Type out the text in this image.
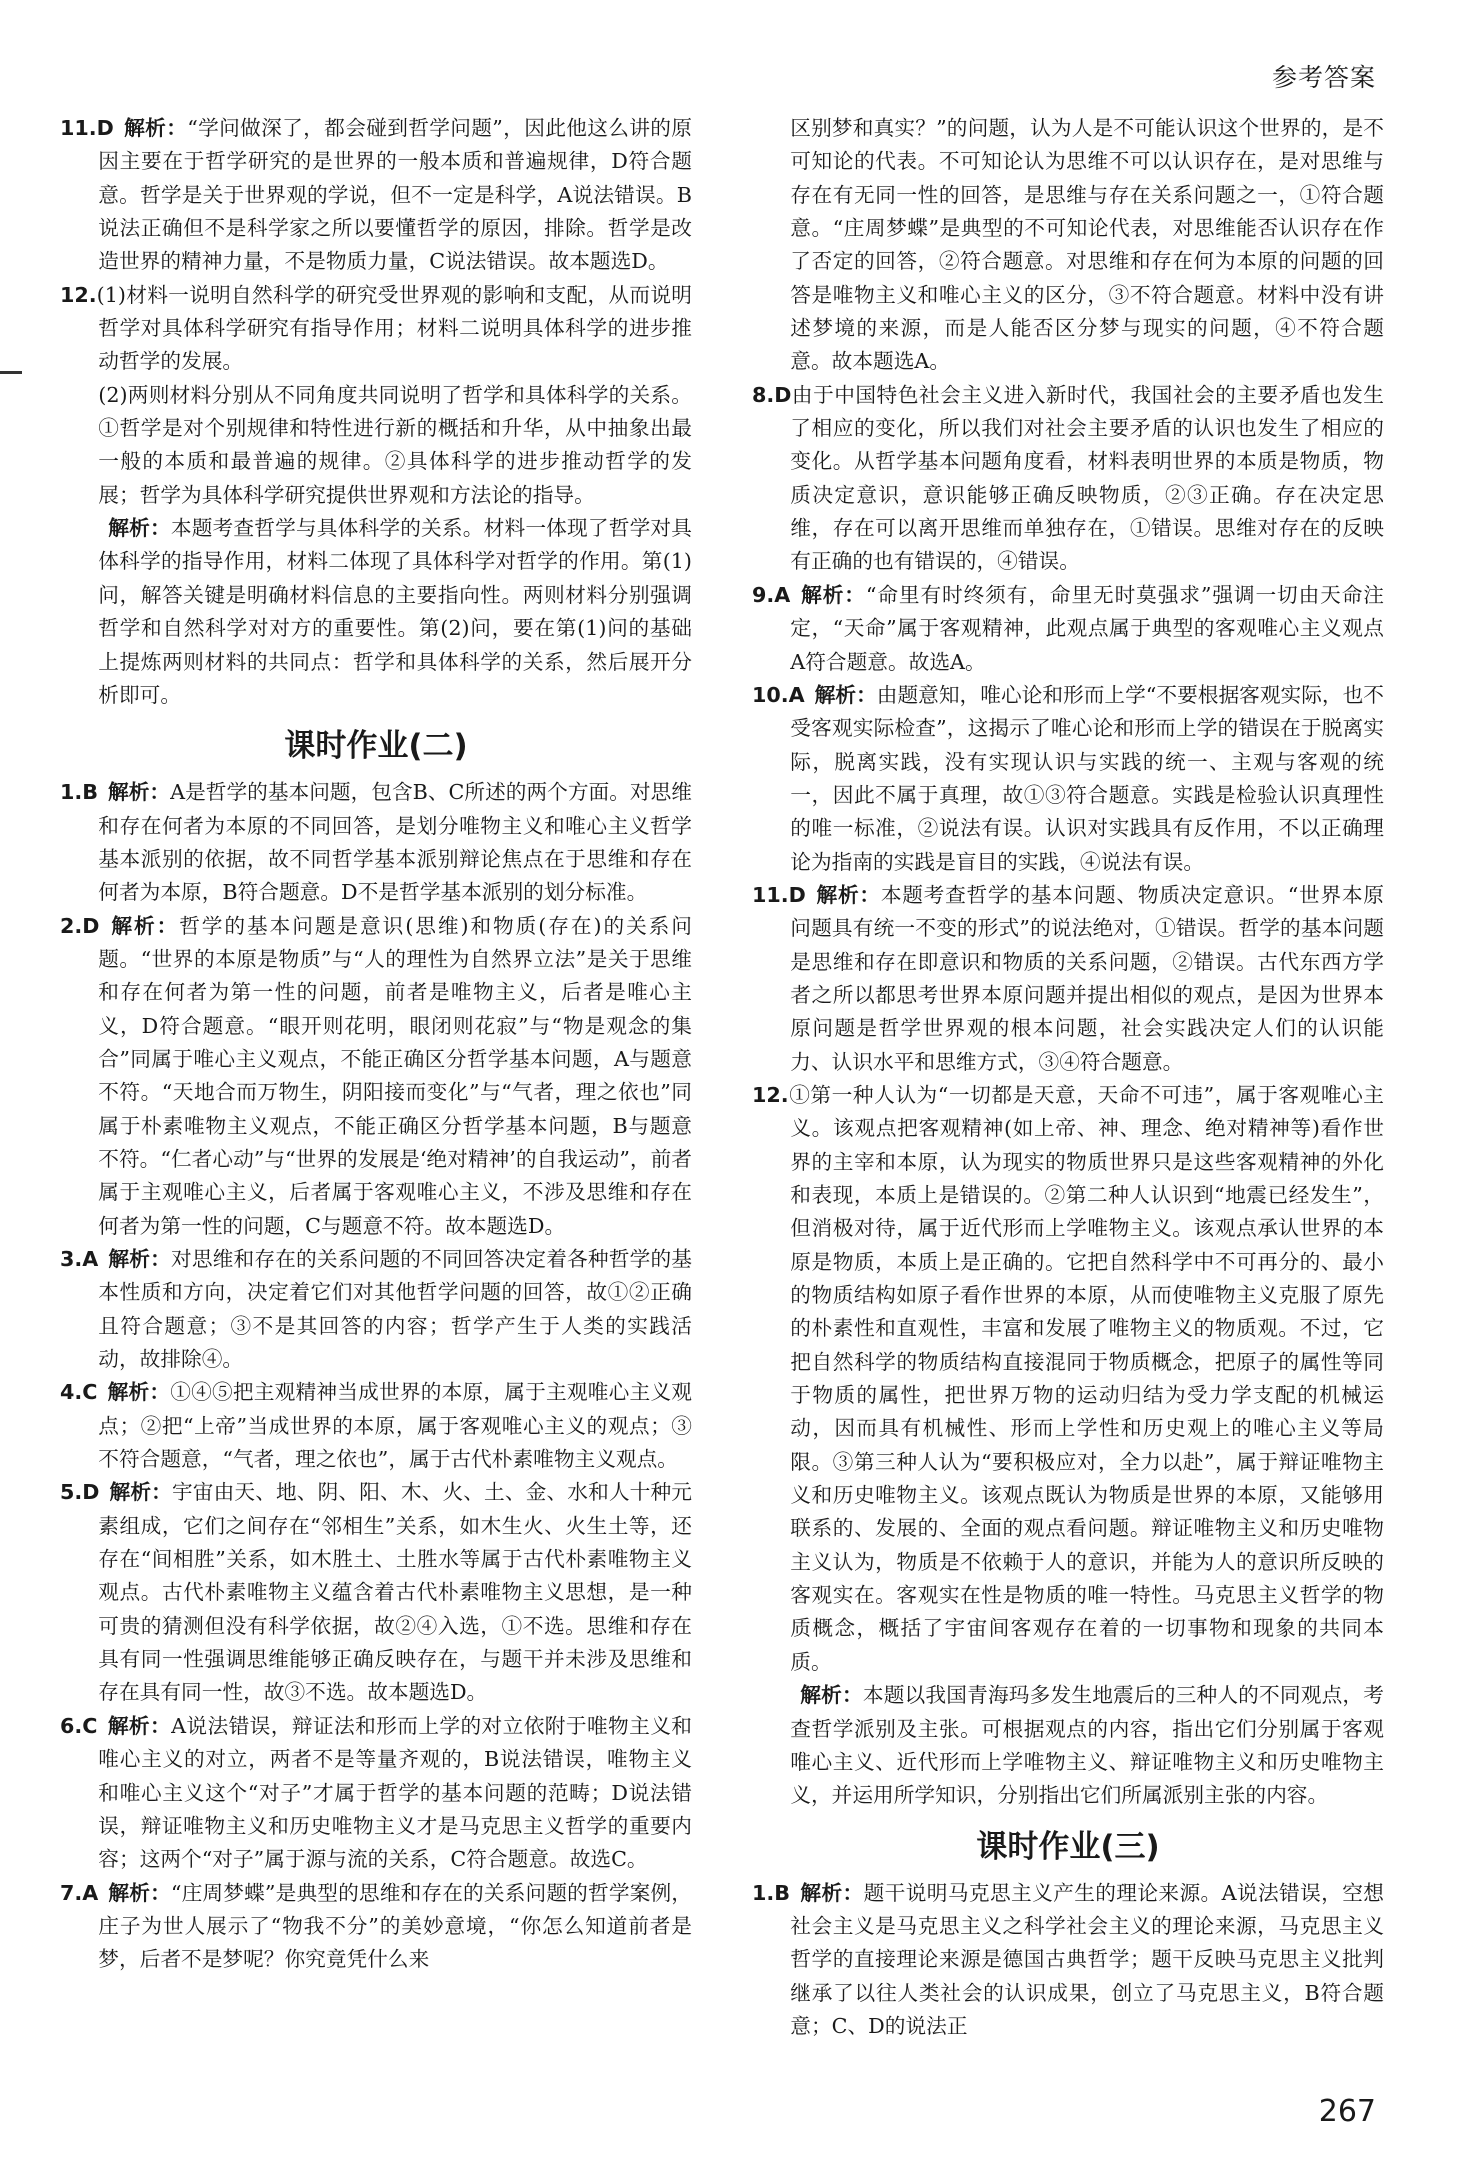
参考答案

11.D 解析：“学问做深了，都会碰到哲学问题”，因此他这么讲的原因主要在于哲学研究的是世界的一般本质和普遍规律，D符合题意。哲学是关于世界观的学说，但不一定是科学，A说法错误。B说法正确但不是科学家之所以要懂哲学的原因，排除。哲学是改造世界的精神力量，不是物质力量，C说法错误。故本题选D。

12.(1)材料一说明自然科学的研究受世界观的影响和支配，从而说明哲学对具体科学研究有指导作用；材料二说明具体科学的进步推动哲学的发展。

(2)两则材料分别从不同角度共同说明了哲学和具体科学的关系。①哲学是对个别规律和特性进行新的概括和升华，从中抽象出最一般的本质和最普遍的规律。②具体科学的进步推动哲学的发展；哲学为具体科学研究提供世界观和方法论的指导。

解析：本题考查哲学与具体科学的关系。材料一体现了哲学对具体科学的指导作用，材料二体现了具体科学对哲学的作用。第(1)问，解答关键是明确材料信息的主要指向性。两则材料分别强调哲学和自然科学对对方的重要性。第(2)问，要在第(1)问的基础上提炼两则材料的共同点：哲学和具体科学的关系，然后展开分析即可。

课时作业(二)

1.B 解析：A是哲学的基本问题，包含B、C所述的两个方面。对思维和存在何者为本原的不同回答，是划分唯物主义和唯心主义哲学基本派别的依据，故不同哲学基本派别辩论焦点在于思维和存在何者为本原，B符合题意。D不是哲学基本派别的划分标准。

2.D 解析：哲学的基本问题是意识(思维)和物质(存在)的关系问题。“世界的本原是物质”与“人的理性为自然界立法”是关于思维和存在何者为第一性的问题，前者是唯物主义，后者是唯心主义，D符合题意。“眼开则花明，眼闭则花寂”与“物是观念的集合”同属于唯心主义观点，不能正确区分哲学基本问题，A与题意不符。“天地合而万物生，阴阳接而变化”与“气者，理之依也”同属于朴素唯物主义观点，不能正确区分哲学基本问题，B与题意不符。“仁者心动”与“世界的发展是‘绝对精神’的自我运动”，前者属于主观唯心主义，后者属于客观唯心主义，不涉及思维和存在何者为第一性的问题，C与题意不符。故本题选D。

3.A 解析：对思维和存在的关系问题的不同回答决定着各种哲学的基本性质和方向，决定着它们对其他哲学问题的回答，故①②正确且符合题意；③不是其回答的内容；哲学产生于人类的实践活动，故排除④。

4.C 解析：①④⑤把主观精神当成世界的本原，属于主观唯心主义观点；②把“上帝”当成世界的本原，属于客观唯心主义的观点；③不符合题意，“气者，理之依也”，属于古代朴素唯物主义观点。

5.D 解析：宇宙由天、地、阴、阳、木、火、土、金、水和人十种元素组成，它们之间存在“邻相生”关系，如木生火、火生土等，还存在“间相胜”关系，如木胜土、土胜水等属于古代朴素唯物主义观点。古代朴素唯物主义蕴含着古代朴素唯物主义思想，是一种可贵的猜测但没有科学依据，故②④入选，①不选。思维和存在具有同一性强调思维能够正确反映存在，与题干并未涉及思维和存在具有同一性，故③不选。故本题选D。

6.C 解析：A说法错误，辩证法和形而上学的对立依附于唯物主义和唯心主义的对立，两者不是等量齐观的，B说法错误，唯物主义和唯心主义这个“对子”才属于哲学的基本问题的范畴；D说法错误，辩证唯物主义和历史唯物主义才是马克思主义哲学的重要内容；这两个“对子”属于源与流的关系，C符合题意。故选C。

7.A 解析：“庄周梦蝶”是典型的思维和存在的关系问题的哲学案例，庄子为世人展示了“物我不分”的美妙意境，“你怎么知道前者是梦，后者不是梦呢？你究竟凭什么来

区别梦和真实？”的问题，认为人是不可能认识这个世界的，是不可知论的代表。不可知论认为思维不可以认识存在，是对思维与存在有无同一性的回答，是思维与存在关系问题之一，①符合题意。“庄周梦蝶”是典型的不可知论代表，对思维能否认识存在作了否定的回答，②符合题意。对思维和存在何为本原的问题的回答是唯物主义和唯心主义的区分，③不符合题意。材料中没有讲述梦境的来源，而是人能否区分梦与现实的问题，④不符合题意。故本题选A。

8.D由于中国特色社会主义进入新时代，我国社会的主要矛盾也发生了相应的变化，所以我们对社会主要矛盾的认识也发生了相应的变化。从哲学基本问题角度看，材料表明世界的本质是物质，物质决定意识，意识能够正确反映物质，②③正确。存在决定思维，存在可以离开思维而单独存在，①错误。思维对存在的反映有正确的也有错误的，④错误。

9.A 解析：“命里有时终须有，命里无时莫强求”强调一切由天命注定，“天命”属于客观精神，此观点属于典型的客观唯心主义观点A符合题意。故选A。

10.A 解析：由题意知，唯心论和形而上学“不要根据客观实际，也不受客观实际检查”，这揭示了唯心论和形而上学的错误在于脱离实际，脱离实践，没有实现认识与实践的统一、主观与客观的统一，因此不属于真理，故①③符合题意。实践是检验认识真理性的唯一标准，②说法有误。认识对实践具有反作用，不以正确理论为指南的实践是盲目的实践，④说法有误。

11.D 解析：本题考查哲学的基本问题、物质决定意识。“世界本原问题具有统一不变的形式”的说法绝对，①错误。哲学的基本问题是思维和存在即意识和物质的关系问题，②错误。古代东西方学者之所以都思考世界本原问题并提出相似的观点，是因为世界本原问题是哲学世界观的根本问题，社会实践决定人们的认识能力、认识水平和思维方式，③④符合题意。

12.①第一种人认为“一切都是天意，天命不可违”，属于客观唯心主义。该观点把客观精神(如上帝、神、理念、绝对精神等)看作世界的主宰和本原，认为现实的物质世界只是这些客观精神的外化和表现，本质上是错误的。②第二种人认识到“地震已经发生”，但消极对待，属于近代形而上学唯物主义。该观点承认世界的本原是物质，本质上是正确的。它把自然科学中不可再分的、最小的物质结构如原子看作世界的本原，从而使唯物主义克服了原先的朴素性和直观性，丰富和发展了唯物主义的物质观。不过，它把自然科学的物质结构直接混同于物质概念，把原子的属性等同于物质的属性，把世界万物的运动归结为受力学支配的机械运动，因而具有机械性、形而上学性和历史观上的唯心主义等局限。③第三种人认为“要积极应对，全力以赴”，属于辩证唯物主义和历史唯物主义。该观点既认为物质是世界的本原，又能够用联系的、发展的、全面的观点看问题。辩证唯物主义和历史唯物主义认为，物质是不依赖于人的意识，并能为人的意识所反映的客观实在。客观实在性是物质的唯一特性。马克思主义哲学的物质概念，概括了宇宙间客观存在着的一切事物和现象的共同本质。

解析：本题以我国青海玛多发生地震后的三种人的不同观点，考查哲学派别及主张。可根据观点的内容，指出它们分别属于客观唯心主义、近代形而上学唯物主义、辩证唯物主义和历史唯物主义，并运用所学知识，分别指出它们所属派别主张的内容。

课时作业(三)

1.B 解析：题干说明马克思主义产生的理论来源。A说法错误，空想社会主义是马克思主义之科学社会主义的理论来源，马克思主义哲学的直接理论来源是德国古典哲学；题干反映马克思主义批判继承了以往人类社会的认识成果，创立了马克思主义，B符合题意；C、D的说法正

267
